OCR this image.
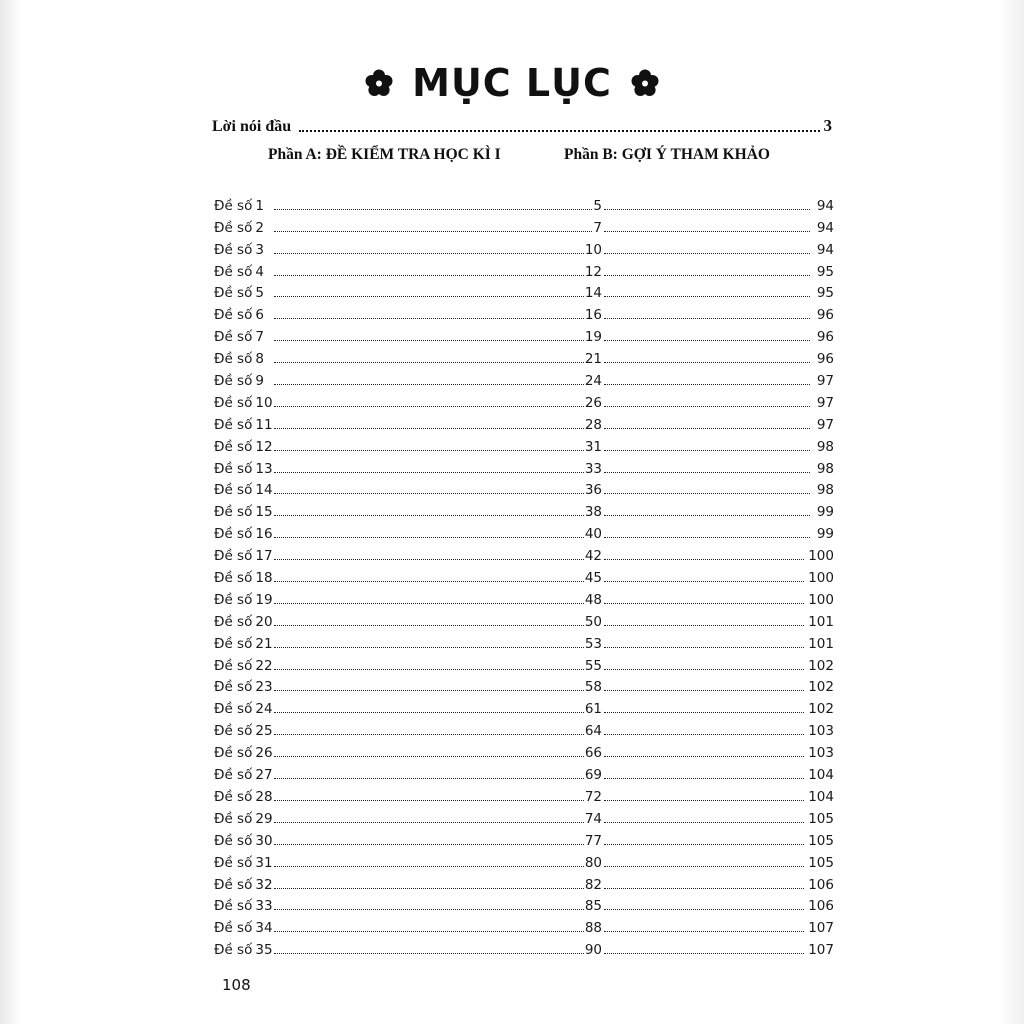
MỤC LỤC
Lời nói đầu	3
Phần A: ĐỀ KIỂM TRA HỌC KÌ I	Phần B: GỢI Ý THAM KHẢO
Đề số 1	5	94
Đề số 2	7	94
Đề số 3	10	94
Đề số 4	12	95
Đề số 5	14	95
Đề số 6	16	96
Đề số 7	19	96
Đề số 8	21	96
Đề số 9	24	97
Đề số 10	26	97
Đề số 11	28	97
Đề số 12	31	98
Đề số 13	33	98
Đề số 14	36	98
Đề số 15	38	99
Đề số 16	40	99
Đề số 17	42	100
Đề số 18	45	100
Đề số 19	48	100
Đề số 20	50	101
Đề số 21	53	101
Đề số 22	55	102
Đề số 23	58	102
Đề số 24	61	102
Đề số 25	64	103
Đề số 26	66	103
Đề số 27	69	104
Đề số 28	72	104
Đề số 29	74	105
Đề số 30	77	105
Đề số 31	80	105
Đề số 32	82	106
Đề số 33	85	106
Đề số 34	88	107
Đề số 35	90	107
108
